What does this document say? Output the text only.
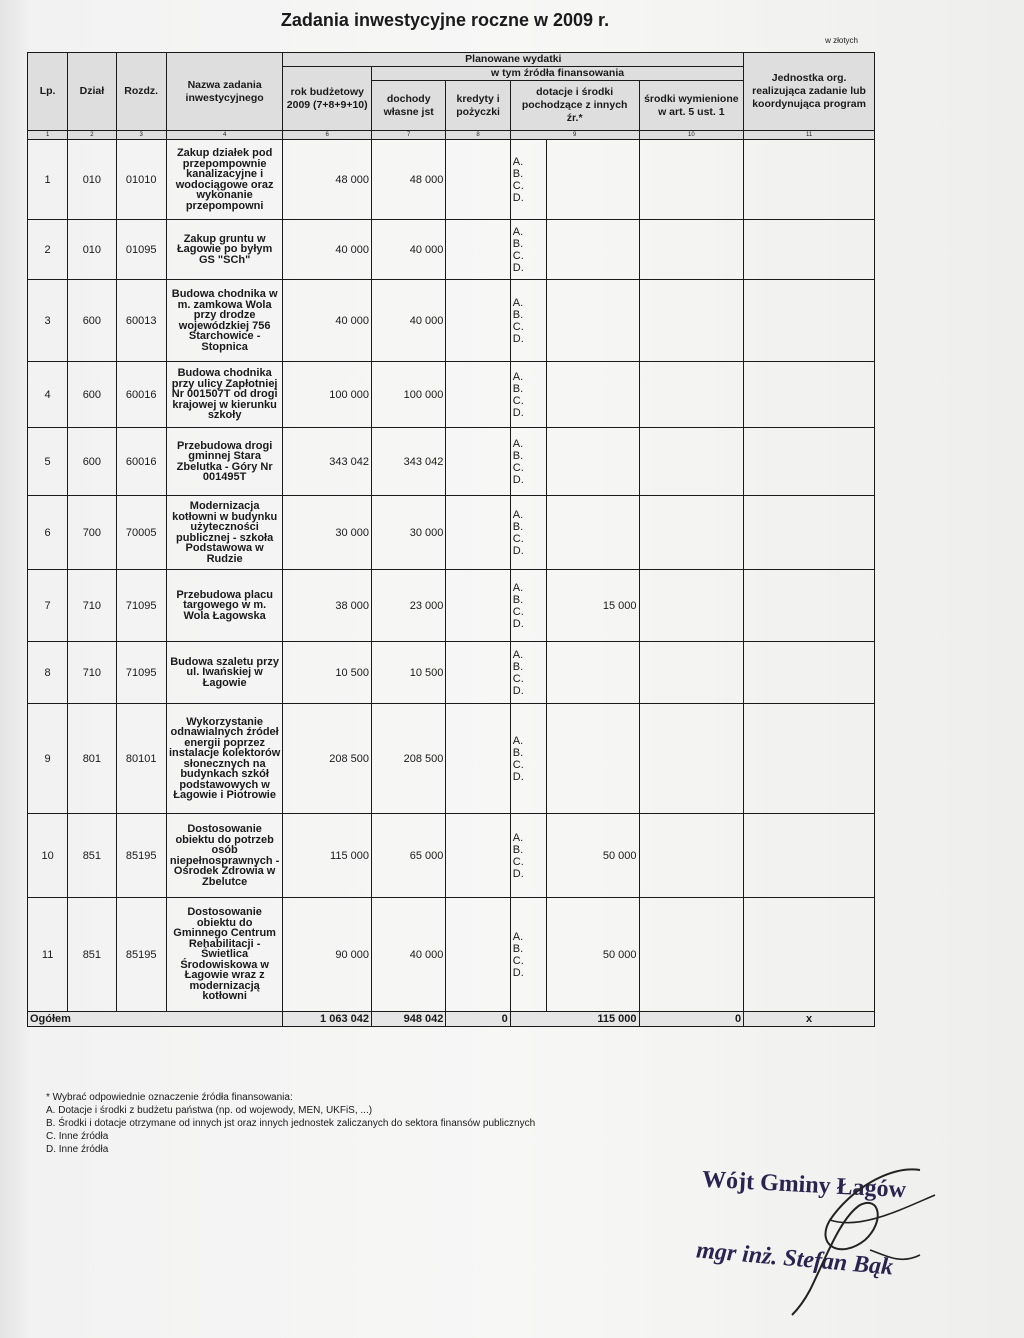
Zadania inwestycyjne roczne w 2009 r.
w złotych
Lp.	Dział	Rozdz.	Nazwa zadania inwestycyjnego	Planowane wydatki						Jednostka org. realizująca zadanie lub koordynująca program
				rok budżetowy 2009 (7+8+9+10)	w tym źródła finansowania					
					dochody własne jst	kredyty i pożyczki	dotacje i środki pochodzące z innych źr.*		środki wymienione w art. 5 ust. 1	
1	2	3	4	6	7	8	9		10	11
1	010	01010	Zakup działek pod przepompownie kanalizacyjne i wodociągowe oraz wykonanie przepompowni	48 000	48 000		A.
B.
C.
D.			

2	010	01095	Zakup gruntu w Łagowie po byłym GS "SCh"	40 000	40 000		A.
B.
C.
D.			

3	600	60013	Budowa chodnika w m. zamkowa Wola przy drodze wojewódzkiej 756 Starchowice - Stopnica	40 000	40 000		A.
B.
C.
D.			

4	600	60016	Budowa chodnika przy ulicy Zapłotniej Nr 001507T od drogi krajowej w kierunku szkoły	100 000	100 000		A.
B.
C.
D.			

5	600	60016	Przebudowa drogi gminnej Stara Zbelutka - Góry Nr 001495T	343 042	343 042		A.
B.
C.
D.			

6	700	70005	Modernizacja kotłowni w budynku użyteczności publicznej - szkoła Podstawowa w Rudzie	30 000	30 000		A.
B.
C.
D.			

7	710	71095	Przebudowa placu targowego w m. Wola Łagowska	38 000	23 000		A.
B.
C.
D.	15 000		
8	710	71095	Budowa szaletu przy ul. Iwańskiej w Łagowie	10 500	10 500		A.
B.
C.
D.			

9	801	80101	Wykorzystanie odnawialnych źródeł energii poprzez instalacje kolektorów słonecznych na budynkach szkół podstawowych w Łagowie i Piotrowie	208 500	208 500		A.
B.
C.
D.			

10	851	85195	Dostosowanie obiektu do potrzeb osób niepełnosprawnych - Ośrodek Zdrowia w Zbelutce	115 000	65 000		A.
B.
C.
D.	50 000		
11	851	85195	Dostosowanie obiektu do Gminnego Centrum Rehabilitacji - Świetlica Środowiskowa w Łagowie wraz z modernizacją kotłowni	90 000	40 000		A.
B.
C.
D.	50 000		
Ogółem				1 063 042	948 042	0	115 000		0	x
* Wybrać odpowiednie oznaczenie źródła finansowania:
A. Dotacje i środki z budżetu państwa (np. od wojewody, MEN, UKFiS, ...)
B. Środki i dotacje otrzymane od innych jst oraz innych jednostek zaliczanych do sektora finansów publicznych
C. Inne źródła
D. Inne źródła
Wójt Gminy Łagów
mgr inż. Stefan Bąk
